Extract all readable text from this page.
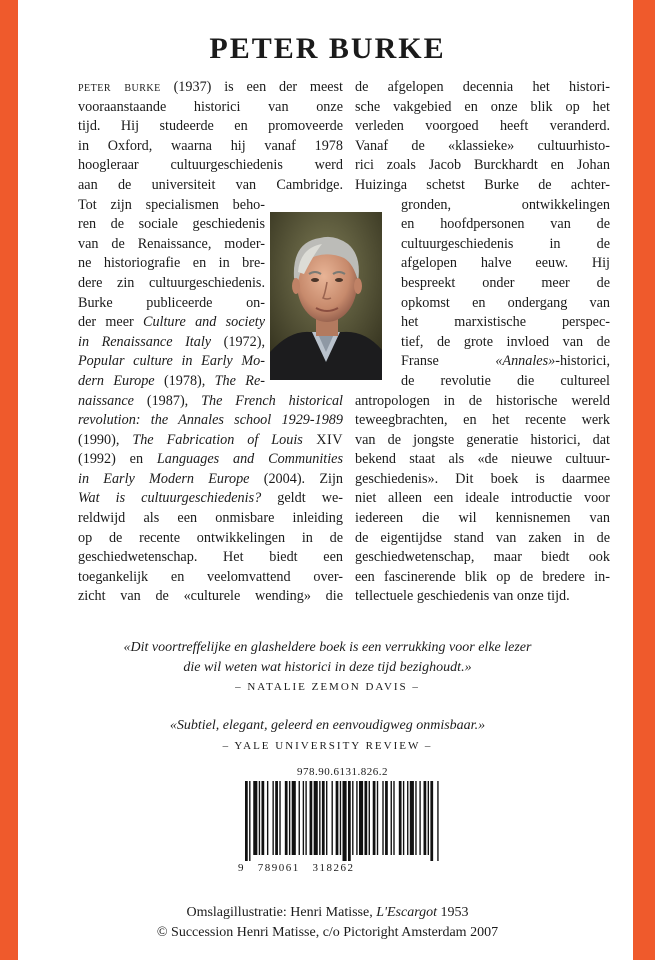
PETER BURKE
peter burke (1937) is een der meest
vooraanstaande historici van onze
tijd. Hij studeerde en promoveerde
in Oxford, waarna hij vanaf 1978
hoogleraar cultuurgeschiedenis werd
aan de universiteit van Cambridge.
Tot zijn specialismen beho-
ren de sociale geschiedenis
van de Renaissance, moder-
ne historiografie en in bre-
dere zin cultuurgeschiedenis.
Burke publiceerde on-
der meer Culture and society
in Renaissance Italy (1972),
Popular culture in Early Mo-
dern Europe (1978), The Re-
naissance (1987), The French historical
revolution: the Annales school 1929-1989
(1990), The Fabrication of Louis XIV
(1992) en Languages and Communities
in Early Modern Europe (2004). Zijn
Wat is cultuurgeschiedenis? geldt we-
reldwijd als een onmisbare inleiding
op de recente ontwikkelingen in de
geschiedwetenschap. Het biedt een
toegankelijk en veelomvattend over-
zicht van de «culturele wending» die
de afgelopen decennia het histori-
sche vakgebied en onze blik op het
verleden voorgoed heeft veranderd.
Vanaf de «klassieke» cultuurhisto-
rici zoals Jacob Burckhardt en Johan
Huizinga schetst Burke de achter-
gronden, ontwikkelingen
en hoofdpersonen van de
cultuurgeschiedenis in de
afgelopen halve eeuw. Hij
bespreekt onder meer de
opkomst en ondergang van
het marxistische perspec-
tief, de grote invloed van de
Franse «Annales»-historici,
de revolutie die cultureel
antropologen in de historische wereld
teweegbrachten, en het recente werk
van de jongste generatie historici, dat
bekend staat als «de nieuwe cultuur-
geschiedenis». Dit boek is daarmee
niet alleen een ideale introductie voor
iedereen die wil kennisnemen van
de eigentijdse stand van zaken in de
geschiedwetenschap, maar biedt ook
een fascinerende blik op de bredere in-
tellectuele geschiedenis van onze tijd.
«Dit voortreffelijke en glasheldere boek is een verrukking voor elke lezer
die wil weten wat historici in deze tijd bezighoudt.»
– NATALIE ZEMON DAVIS –
«Subtiel, elegant, geleerd en eenvoudigweg onmisbaar.»
– YALE UNIVERSITY REVIEW –
978.90.6131.826.2
9   789061   318262
Omslagillustratie: Henri Matisse, L'Escargot 1953
© Succession Henri Matisse, c/o Pictoright Amsterdam 2007
